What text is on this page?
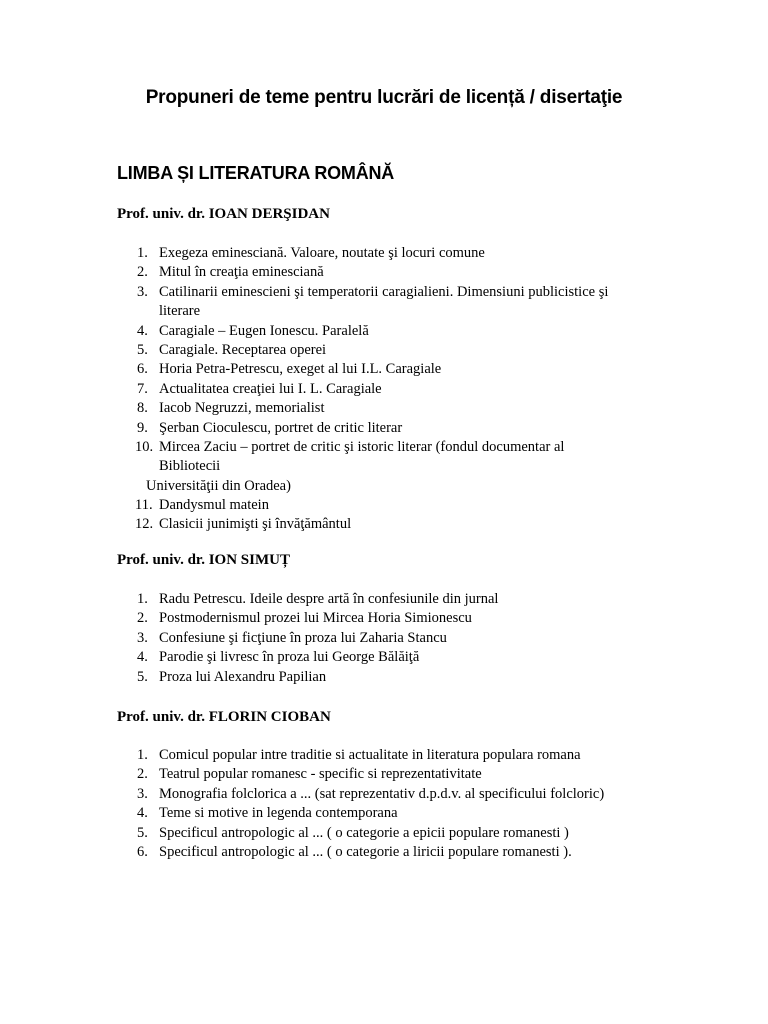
Propuneri de teme pentru lucrări de licență / disertaţie
LIMBA ȘI LITERATURA ROMÂNĂ
Prof. univ. dr. IOAN DERŞIDAN
1. Exegeza eminesciană. Valoare, noutate şi locuri comune
2. Mitul în creaţia eminesciană
3. Catilinarii eminescieni şi temperatorii caragialieni. Dimensiuni publicistice şi
literare
4. Caragiale – Eugen Ionescu. Paralelă
5. Caragiale. Receptarea operei
6. Horia Petra-Petrescu, exeget al lui I.L. Caragiale
7. Actualitatea creaţiei lui I. L. Caragiale
8. Iacob Negruzzi, memorialist
9. Şerban Cioculescu, portret de critic literar
10. Mircea Zaciu – portret de critic şi istoric literar (fondul documentar al
Bibliotecii
Universităţii din Oradea)
11. Dandysmul matein
12. Clasicii junimişti şi învăţământul
Prof. univ. dr. ION SIMUȚ
1. Radu Petrescu. Ideile despre artă în confesiunile din jurnal
2. Postmodernismul prozei lui Mircea Horia Simionescu
3. Confesiune şi ficţiune în proza lui Zaharia Stancu
4. Parodie şi livresc în proza lui George Bălăiţă
5. Proza lui Alexandru Papilian
Prof. univ. dr. FLORIN CIOBAN
1. Comicul popular intre traditie si actualitate in literatura populara romana
2. Teatrul popular romanesc - specific si reprezentativitate
3. Monografia folclorica a ... (sat reprezentativ d.p.d.v. al specificului folcloric)
4. Teme si motive in legenda contemporana
5. Specificul antropologic al ... ( o categorie a epicii populare romanesti )
6. Specificul antropologic al ... ( o categorie a liricii populare romanesti ).
